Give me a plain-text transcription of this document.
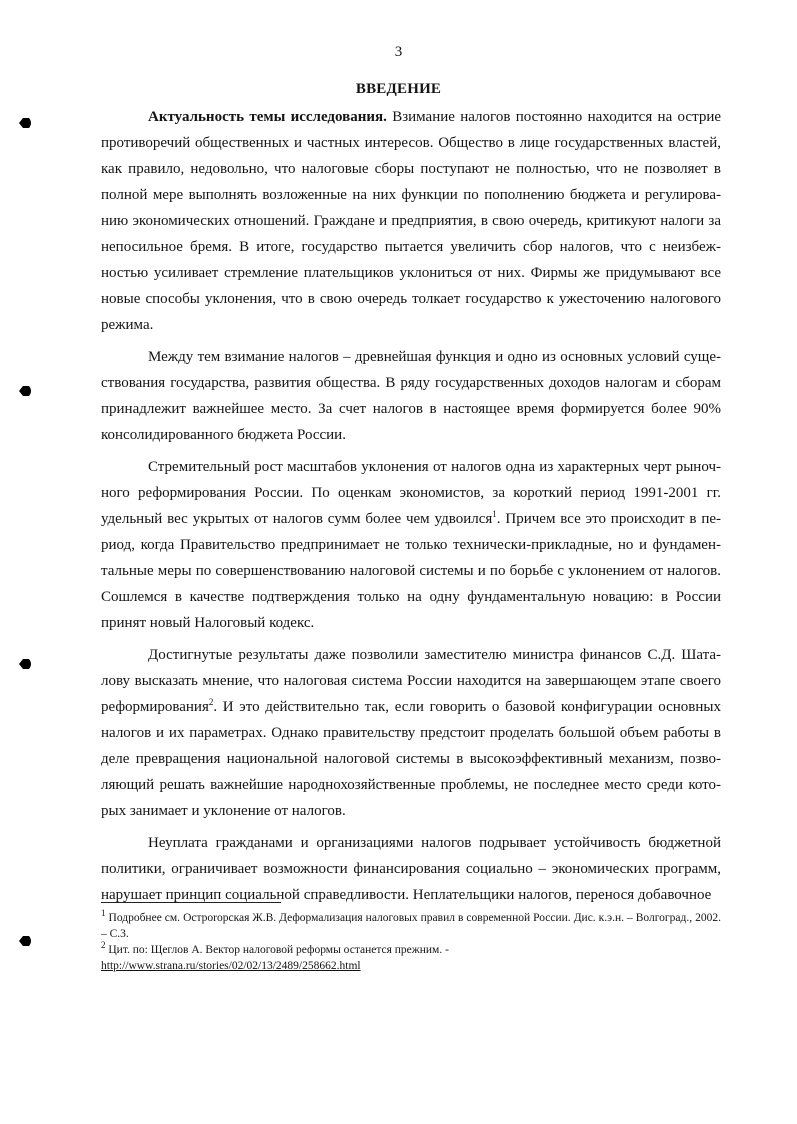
3
ВВЕДЕНИЕ

Актуальность темы исследования. Взимание налогов постоянно находится на острие противоречий общественных и частных интересов. Общество в лице государственных властей, как правило, недовольно, что налоговые сборы поступают не полностью, что не позволяет в полной мере выполнять возложенные на них функции по пополнению бюджета и регулированию экономических отношений. Граждане и предприятия, в свою очередь, критикуют налоги за непосильное бремя. В итоге, государство пытается увеличить сбор налогов, что с неизбежностью усиливает стремление плательщиков уклониться от них. Фирмы же придумывают все новые способы уклонения, что в свою очередь толкает государство к ужесточению налогового режима.

Между тем взимание налогов – древнейшая функция и одно из основных условий существования государства, развития общества. В ряду государственных доходов налогам и сборам принадлежит важнейшее место. За счет налогов в настоящее время формируется более 90% консолидированного бюджета России.

Стремительный рост масштабов уклонения от налогов одна из характерных черт рыночного реформирования России. По оценкам экономистов, за короткий период 1991-2001 гг. удельный вес укрытых от налогов сумм более чем удвоился$^1$. Причем все это происходит в период, когда Правительство предпринимает не только технически-прикладные, но и фундаментальные меры по совершенствованию налоговой системы и по борьбе с уклонением от налогов. Сошлемся в качестве подтверждения только на одну фундаментальную новацию: в России принят новый Налоговый кодекс.

Достигнутые результаты даже позволили заместителю министра финансов С.Д. Шаталову высказать мнение, что налоговая система России находится на завершающем этапе своего реформирования$^2$. И это действительно так, если говорить о базовой конфигурации основных налогов и их параметрах. Однако правительству предстоит проделать большой объем работы в деле превращения национальной налоговой системы в высокоэффективный механизм, позволяющий решать важнейшие народнохозяйственные проблемы, не последнее место среди которых занимает и уклонение от налогов.

Неуплата гражданами и организациями налогов подрывает устойчивость бюджетной политики, ограничивает возможности финансирования социально – экономических программ, нарушает принцип социальной справедливости. Неплательщики налогов, перенося добавочное

$^1$ Подробнее см. Остроrорская Ж.В. Деформализация налоговых правил в современной России. Дис. к.э.н. – Волгоград., 2002. – С.3.

$^2$ Цит. по: Щеглов А. Вектор налоговой реформы останется прежним. -
http://www.strana.ru/stories/02/02/13/2489/258662.html
